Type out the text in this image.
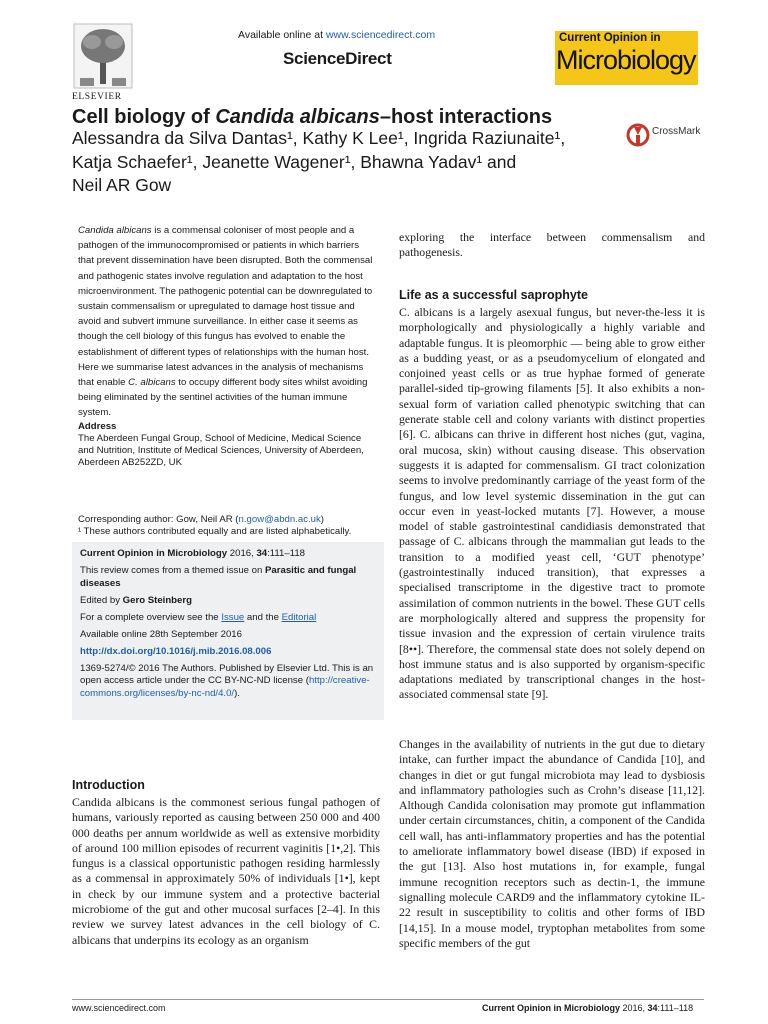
Available online at www.sciencedirect.com
ScienceDirect
ELSEVIER
Current Opinion in
Microbiology
Cell biology of Candida albicans–host interactions
Alessandra da Silva Dantas¹, Kathy K Lee¹, Ingrida Raziunaite¹,
Katja Schaefer¹, Jeanette Wagener¹, Bhawna Yadav¹ and
Neil AR Gow
CrossMark
Candida albicans is a commensal coloniser of most people and a pathogen of the immunocompromised or patients in which barriers that prevent dissemination have been disrupted. Both the commensal and pathogenic states involve regulation and adaptation to the host microenvironment. The pathogenic potential can be downregulated to sustain commensalism or upregulated to damage host tissue and avoid and subvert immune surveillance. In either case it seems as though the cell biology of this fungus has evolved to enable the establishment of different types of relationships with the human host. Here we summarise latest advances in the analysis of mechanisms that enable C. albicans to occupy different body sites whilst avoiding being eliminated by the sentinel activities of the human immune system.
Address
The Aberdeen Fungal Group, School of Medicine, Medical Science and Nutrition, Institute of Medical Sciences, University of Aberdeen, Aberdeen AB252ZD, UK
Corresponding author: Gow, Neil AR (n.gow@abdn.ac.uk)
¹ These authors contributed equally and are listed alphabetically.

Current Opinion in Microbiology 2016, 34:111–118

This review comes from a themed issue on Parasitic and fungal diseases

Edited by Gero Steinberg

For a complete overview see the Issue and the Editorial

Available online 28th September 2016

http://dx.doi.org/10.1016/j.mib.2016.08.006

1369-5274/© 2016 The Authors. Published by Elsevier Ltd. This is an open access article under the CC BY-NC-ND license (http://creative-commons.org/licenses/by-nc-nd/4.0/).

Introduction
Candida albicans is the commonest serious fungal pathogen of humans, variously reported as causing between 250 000 and 400 000 deaths per annum worldwide as well as extensive morbidity of around 100 million episodes of recurrent vaginitis [1•,2]. This fungus is a classical opportunistic pathogen residing harmlessly as a commensal in approximately 50% of individuals [1•], kept in check by our immune system and a protective bacterial microbiome of the gut and other mucosal surfaces [2–4]. In this review we survey latest advances in the cell biology of C. albicans that underpins its ecology as an organism
exploring the interface between commensalism and pathogenesis.
Life as a successful saprophyte
C. albicans is a largely asexual fungus, but never-the-less it is morphologically and physiologically a highly variable and adaptable fungus. It is pleomorphic — being able to grow either as a budding yeast, or as a pseudomycelium of elongated and conjoined yeast cells or as true hyphae formed of generate parallel-sided tip-growing filaments [5]. It also exhibits a non-sexual form of variation called phenotypic switching that can generate stable cell and colony variants with distinct properties [6]. C. albicans can thrive in different host niches (gut, vagina, oral mucosa, skin) without causing disease. This observation suggests it is adapted for commensalism. GI tract colonization seems to involve predominantly carriage of the yeast form of the fungus, and low level systemic dissemination in the gut can occur even in yeast-locked mutants [7]. However, a mouse model of stable gastrointestinal candidiasis demonstrated that passage of C. albicans through the mammalian gut leads to the transition to a modified yeast cell, ‘GUT phenotype’ (gastrointestinally induced transition), that expresses a specialised transcriptome in the digestive tract to promote assimilation of common nutrients in the bowel. These GUT cells are morphologically altered and suppress the propensity for tissue invasion and the expression of certain virulence traits [8••]. Therefore, the commensal state does not solely depend on host immune status and is also supported by organism-specific adaptations mediated by transcriptional changes in the host-associated commensal state [9].
Changes in the availability of nutrients in the gut due to dietary intake, can further impact the abundance of Candida [10], and changes in diet or gut fungal microbiota may lead to dysbiosis and inflammatory pathologies such as Crohn’s disease [11,12]. Although Candida colonisation may promote gut inflammation under certain circumstances, chitin, a component of the Candida cell wall, has anti-inflammatory properties and has the potential to ameliorate inflammatory bowel disease (IBD) if exposed in the gut [13]. Also host mutations in, for example, fungal immune recognition receptors such as dectin-1, the immune signalling molecule CARD9 and the inflammatory cytokine IL-22 result in susceptibility to colitis and other forms of IBD [14,15]. In a mouse model, tryptophan metabolites from some specific members of the gut
www.sciencedirect.com	Current Opinion in Microbiology 2016, 34:111–118
